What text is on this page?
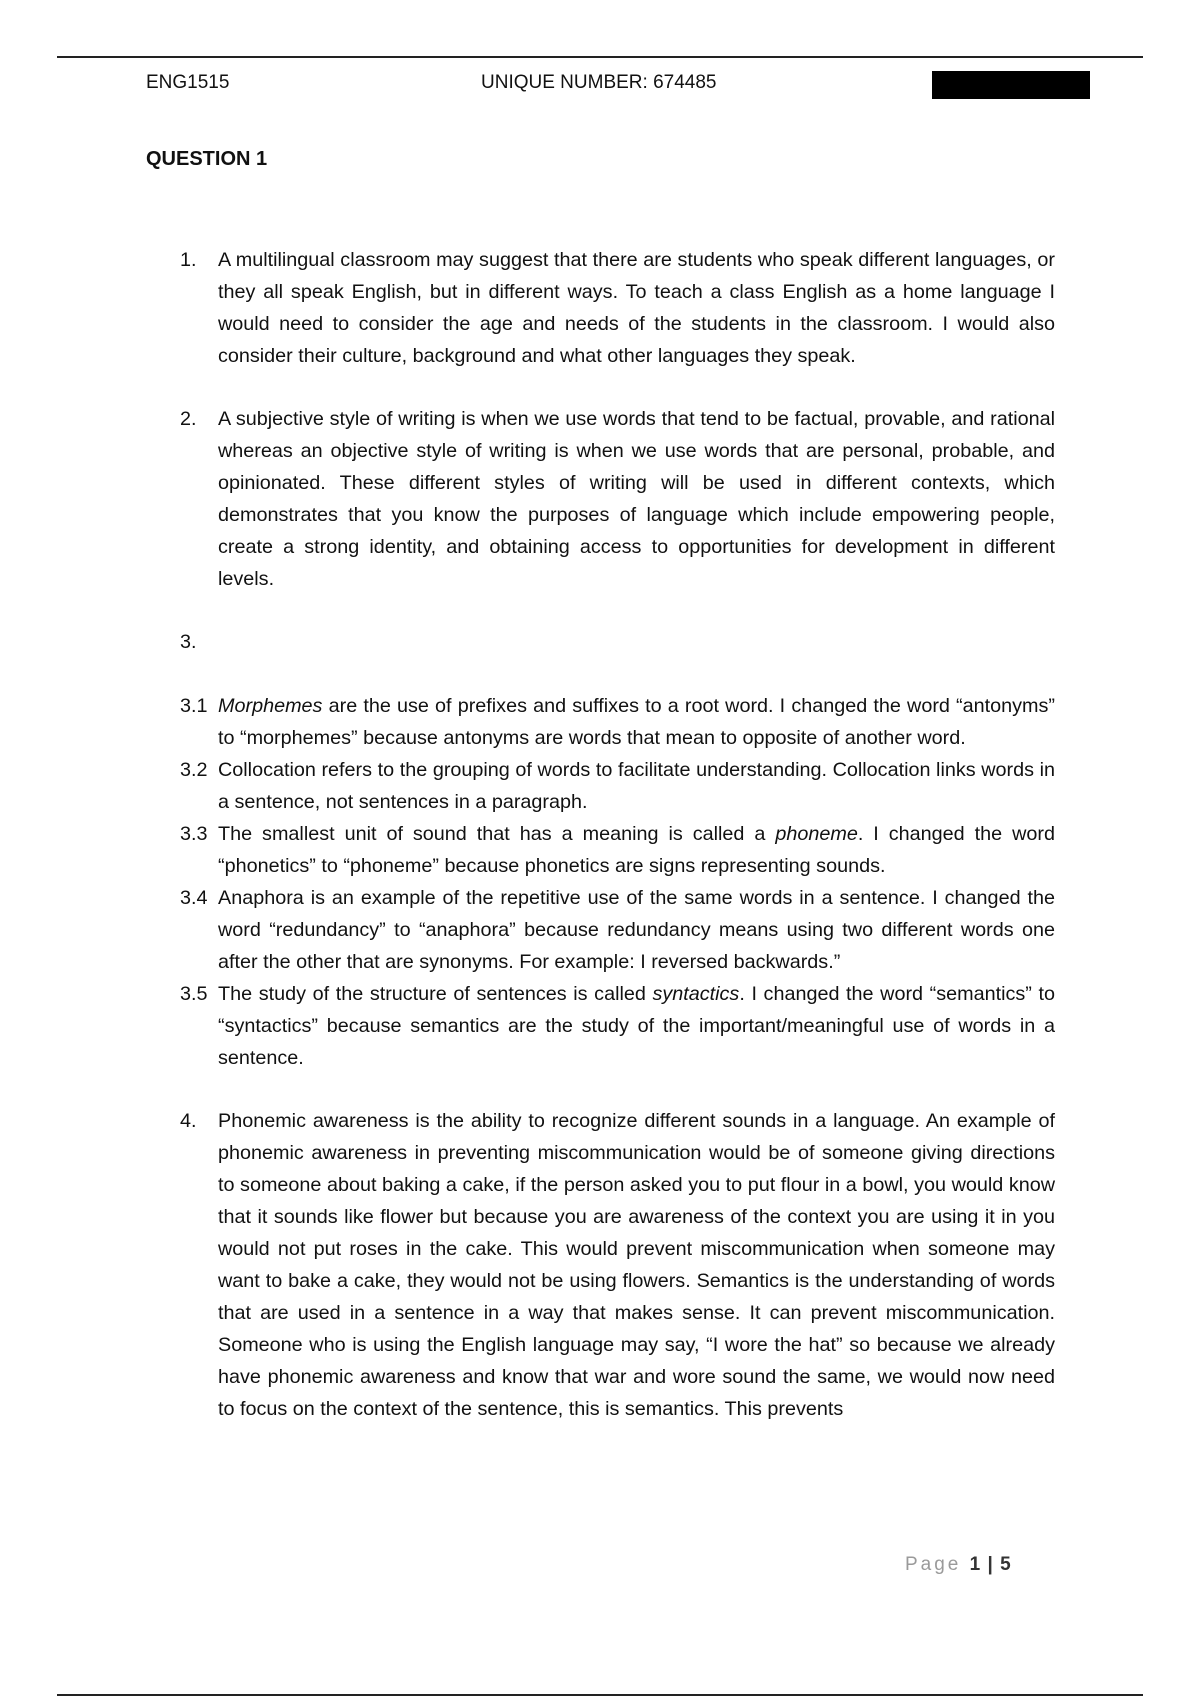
ENG1515	UNIQUE NUMBER: 674485
QUESTION 1
1. A multilingual classroom may suggest that there are students who speak different languages, or they all speak English, but in different ways. To teach a class English as a home language I would need to consider the age and needs of the students in the classroom. I would also consider their culture, background and what other languages they speak.
2. A subjective style of writing is when we use words that tend to be factual, provable, and rational whereas an objective style of writing is when we use words that are personal, probable, and opinionated. These different styles of writing will be used in different contexts, which demonstrates that you know the purposes of language which include empowering people, create a strong identity, and obtaining access to opportunities for development in different levels.
3.

3.1 Morphemes are the use of prefixes and suffixes to a root word. I changed the word “antonyms” to “morphemes” because antonyms are words that mean to opposite of another word.
3.2 Collocation refers to the grouping of words to facilitate understanding. Collocation links words in a sentence, not sentences in a paragraph.
3.3 The smallest unit of sound that has a meaning is called a phoneme. I changed the word “phonetics” to “phoneme” because phonetics are signs representing sounds.
3.4 Anaphora is an example of the repetitive use of the same words in a sentence. I changed the word “redundancy” to “anaphora” because redundancy means using two different words one after the other that are synonyms. For example: I reversed backwards.”
3.5 The study of the structure of sentences is called syntactics. I changed the word “semantics” to “syntactics” because semantics are the study of the important/meaningful use of words in a sentence.
4. Phonemic awareness is the ability to recognize different sounds in a language. An example of phonemic awareness in preventing miscommunication would be of someone giving directions to someone about baking a cake, if the person asked you to put flour in a bowl, you would know that it sounds like flower but because you are awareness of the context you are using it in you would not put roses in the cake. This would prevent miscommunication when someone may want to bake a cake, they would not be using flowers. Semantics is the understanding of words that are used in a sentence in a way that makes sense. It can prevent miscommunication. Someone who is using the English language may say, “I wore the hat” so because we already have phonemic awareness and know that war and wore sound the same, we would now need to focus on the context of the sentence, this is semantics. This prevents
Page 1 | 5
